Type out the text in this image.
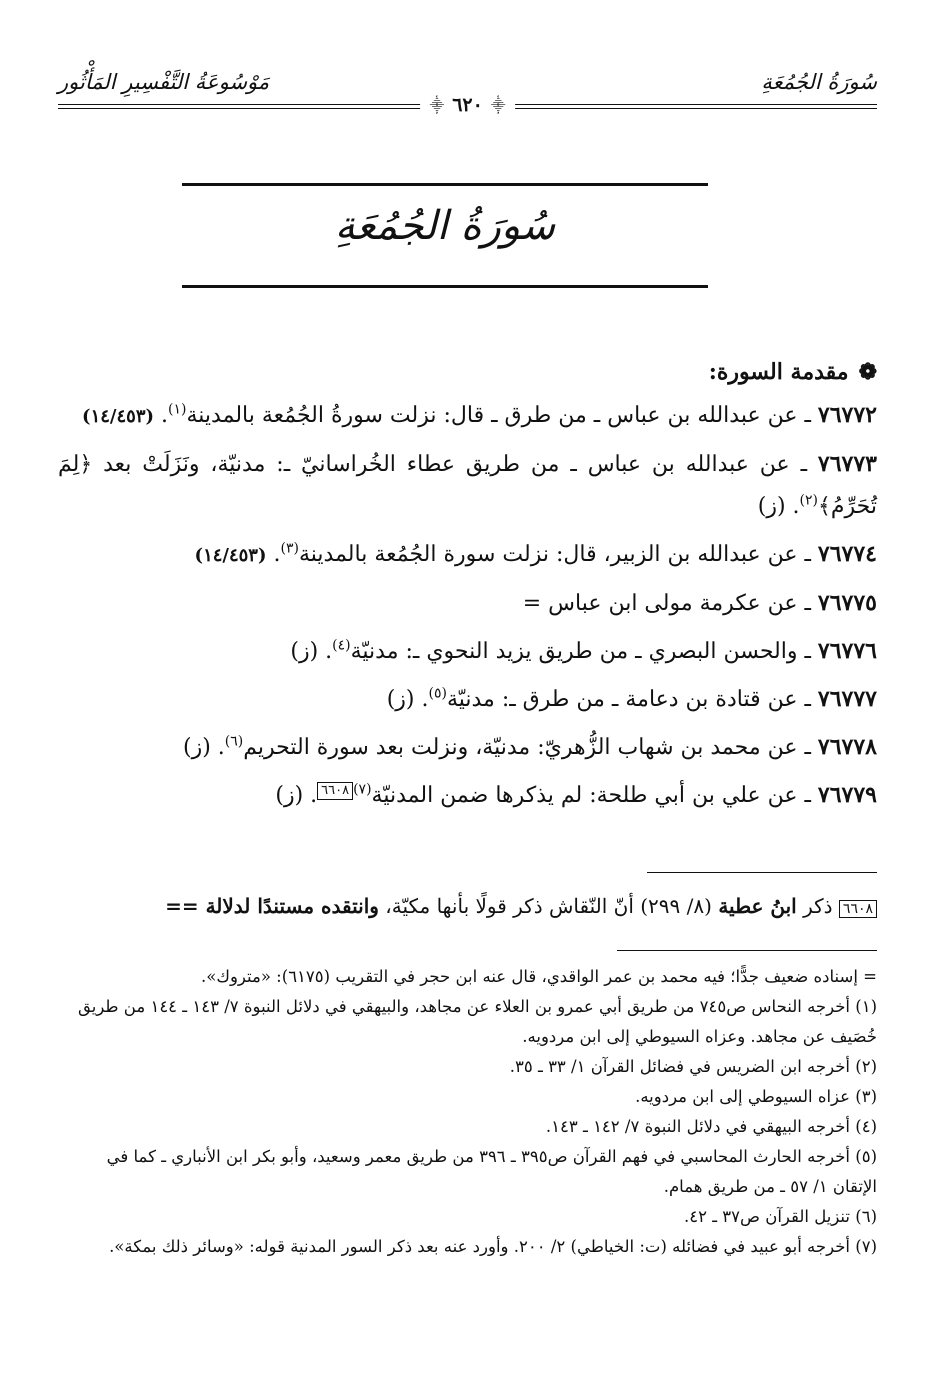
مَوْسُوعَةُ التَّفْسِيرِ المَأْثُور	سُورَةُ الجُمُعَةِ
⸎ ٦٢٠ ⸎
سُورَةُ الجُمُعَةِ
❁مقدمة السورة:

٧٦٧٧٢ ـ عن عبدالله بن عباس ـ من طرق ـ قال: نزلت سورةُ الجُمُعة بالمدينة$^{(١)}$. (١٤/٤٥٣)

٧٦٧٧٣ ـ عن عبدالله بن عباس ـ من طريق عطاء الخُراسانيّ ـ: مدنيّة، ونَزَلَتْ بعد ﴿لِمَ تُحَرِّمُ﴾$^{(٢)}$. (ز)

٧٦٧٧٤ ـ عن عبدالله بن الزبير، قال: نزلت سورة الجُمُعة بالمدينة$^{(٣)}$. (١٤/٤٥٣)

٧٦٧٧٥ ـ عن عكرمة مولى ابن عباس =

٧٦٧٧٦ ـ والحسن البصري ـ من طريق يزيد النحوي ـ: مدنيّة$^{(٤)}$. (ز)

٧٦٧٧٧ ـ عن قتادة بن دعامة ـ من طرق ـ: مدنيّة$^{(٥)}$. (ز)

٧٦٧٧٨ ـ عن محمد بن شهاب الزُّهريّ: مدنيّة، ونزلت بعد سورة التحريم$^{(٦)}$. (ز)

٧٦٧٧٩ ـ عن علي بن أبي طلحة: لم يذكرها ضمن المدنيّة$^{(٧)}$٦٦٠٨. (ز)

٦٦٠٨ ذكر ابنُ عطية (٨/ ٢٩٩) أنّ النّقاش ذكر قولًا بأنها مكيّة، وانتقده مستندًا لدلالة ==

= إسناده ضعيف جدًّا؛ فيه محمد بن عمر الواقدي، قال عنه ابن حجر في التقريب (٦١٧٥): «متروك».

(١) أخرجه النحاس ص٧٤٥ من طريق أبي عمرو بن العلاء عن مجاهد، والبيهقي في دلائل النبوة ٧/ ١٤٣ ـ ١٤٤ من طريق خُصَيف عن مجاهد. وعزاه السيوطي إلى ابن مردويه.

(٢) أخرجه ابن الضريس في فضائل القرآن ١/ ٣٣ ـ ٣٥.

(٣) عزاه السيوطي إلى ابن مردويه.

(٤) أخرجه البيهقي في دلائل النبوة ٧/ ١٤٢ ـ ١٤٣.

(٥) أخرجه الحارث المحاسبي في فهم القرآن ص٣٩٥ ـ ٣٩٦ من طريق معمر وسعيد، وأبو بكر ابن الأنباري ـ كما في الإتقان ١/ ٥٧ ـ من طريق همام.

(٦) تنزيل القرآن ص٣٧ ـ ٤٢.

(٧) أخرجه أبو عبيد في فضائله (ت: الخياطي) ٢/ ٢٠٠. وأورد عنه بعد ذكر السور المدنية قوله: «وسائر ذلك بمكة».
